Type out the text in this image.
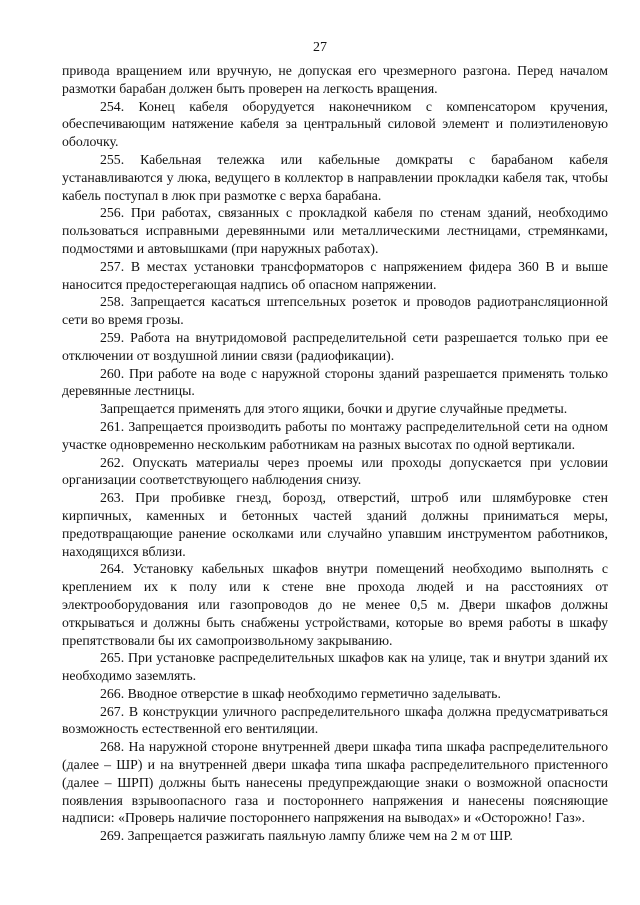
27

привода вращением или вручную, не допуская его чрезмерного разгона. Перед началом размотки барабан должен быть проверен на легкость вращения.

254. Конец кабеля оборудуется наконечником с компенсатором кручения, обеспечивающим натяжение кабеля за центральный силовой элемент и полиэтиленовую оболочку.

255. Кабельная тележка или кабельные домкраты с барабаном кабеля устанавливаются у люка, ведущего в коллектор в направлении прокладки кабеля так, чтобы кабель поступал в люк при размотке с верха барабана.

256. При работах, связанных с прокладкой кабеля по стенам зданий, необходимо пользоваться исправными деревянными или металлическими лестницами, стремянками, подмостями и автовышками (при наружных работах).

257. В местах установки трансформаторов с напряжением фидера 360 В и выше наносится предостерегающая надпись об опасном напряжении.

258. Запрещается касаться штепсельных розеток и проводов радиотрансляционной сети во время грозы.

259. Работа на внутридомовой распределительной сети разрешается только при ее отключении от воздушной линии связи (радиофикации).

260. При работе на воде с наружной стороны зданий разрешается применять только деревянные лестницы.

Запрещается применять для этого ящики, бочки и другие случайные предметы.

261. Запрещается производить работы по монтажу распределительной сети на одном участке одновременно нескольким работникам на разных высотах по одной вертикали.

262. Опускать материалы через проемы или проходы допускается при условии организации соответствующего наблюдения снизу.

263. При пробивке гнезд, борозд, отверстий, штроб или шлямбуровке стен кирпичных, каменных и бетонных частей зданий должны приниматься меры, предотвращающие ранение осколками или случайно упавшим инструментом работников, находящихся вблизи.

264. Установку кабельных шкафов внутри помещений необходимо выполнять с креплением их к полу или к стене вне прохода людей и на расстояниях от электрооборудования или газопроводов до не менее 0,5 м. Двери шкафов должны открываться и должны быть снабжены устройствами, которые во время работы в шкафу препятствовали бы их самопроизвольному закрыванию.

265. При установке распределительных шкафов как на улице, так и внутри зданий их необходимо заземлять.

266. Вводное отверстие в шкаф необходимо герметично заделывать.

267. В конструкции уличного распределительного шкафа должна предусматриваться возможность естественной его вентиляции.

268. На наружной стороне внутренней двери шкафа типа шкафа распределительного (далее – ШР) и на внутренней двери шкафа типа шкафа распределительного пристенного (далее – ШРП) должны быть нанесены предупреждающие знаки о возможной опасности появления взрывоопасного газа и постороннего напряжения и нанесены поясняющие надписи: «Проверь наличие постороннего напряжения на выводах» и «Осторожно! Газ».

269. Запрещается разжигать паяльную лампу ближе чем на 2 м от ШР.
